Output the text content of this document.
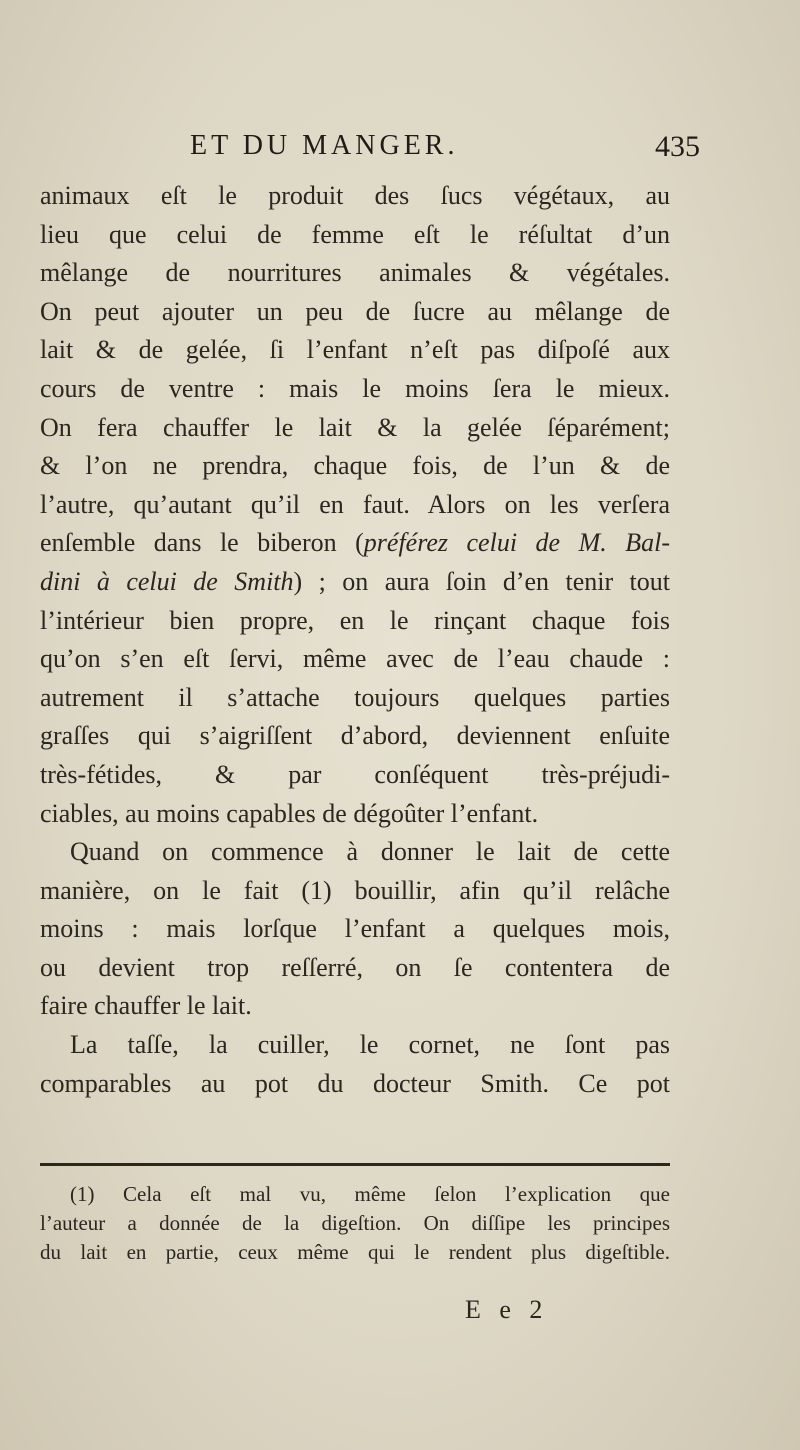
ET DU MANGER.	435
animaux eſt le produit des ſucs végétaux, au
lieu que celui de femme eſt le réſultat d’un
mêlange de nourritures animales & végétales.
On peut ajouter un peu de ſucre au mêlange de
lait & de gelée, ſi l’enfant n’eſt pas diſpoſé aux
cours de ventre : mais le moins ſera le mieux.
On fera chauffer le lait & la gelée ſéparément;
& l’on ne prendra, chaque fois, de l’un & de
l’autre, qu’autant qu’il en faut. Alors on les verſera
enſemble dans le biberon (préférez celui de M. Bal-
dini à celui de Smith) ; on aura ſoin d’en tenir tout
l’intérieur bien propre, en le rinçant chaque fois
qu’on s’en eſt ſervi, même avec de l’eau chaude :
autrement il s’attache toujours quelques parties
graſſes qui s’aigriſſent d’abord, deviennent enſuite
très-fétides, & par conſéquent très-préjudi-
ciables, au moins capables de dégoûter l’enfant.
Quand on commence à donner le lait de cette
manière, on le fait (1) bouillir, afin qu’il relâche
moins : mais lorſque l’enfant a quelques mois,
ou devient trop reſſerré, on ſe contentera de
faire chauffer le lait.
La taſſe, la cuiller, le cornet, ne ſont pas
comparables au pot du docteur Smith. Ce pot
(1) Cela eſt mal vu, même ſelon l’explication que
l’auteur a donnée de la digeſtion. On diſſipe les principes
du lait en partie, ceux même qui le rendent plus digeſtible.
E e 2
